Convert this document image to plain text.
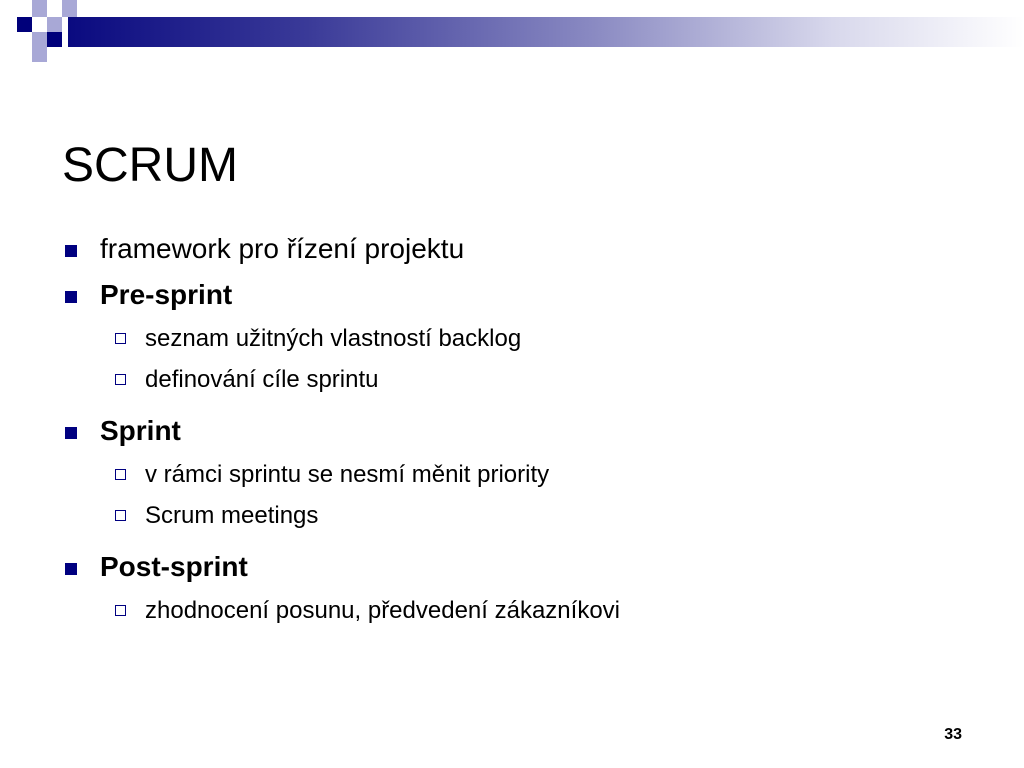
SCRUM
framework pro řízení projektu
Pre-sprint
seznam užitných vlastností backlog
definování cíle sprintu
Sprint
v rámci sprintu se nesmí měnit priority
Scrum meetings
Post-sprint
zhodnocení posunu, předvedení zákazníkovi
33
